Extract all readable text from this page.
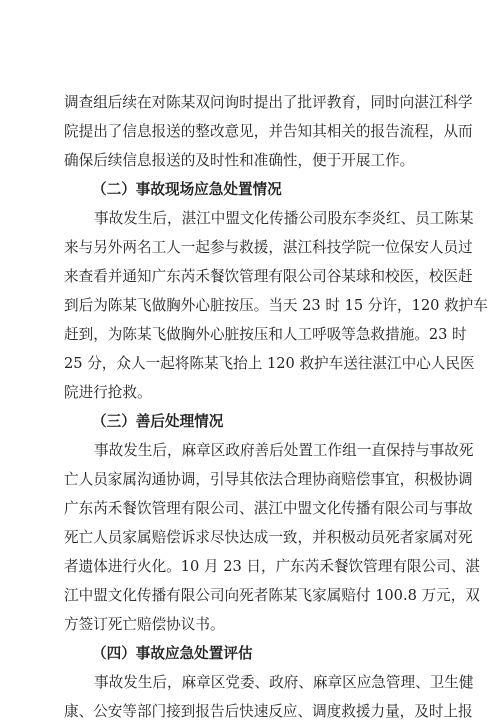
调查组后续在对陈某双问询时提出了批评教育，同时向湛江科学
院提出了信息报送的整改意见，并告知其相关的报告流程，从而
确保后续信息报送的及时性和准确性，便于开展工作。
（二）事故现场应急处置情况
事故发生后，湛江中盟文化传播公司股东李炎红、员工陈某
来与另外两名工人一起参与救援，湛江科技学院一位保安人员过
来查看并通知广东芮禾餐饮管理有限公司谷某球和校医，校医赶
到后为陈某飞做胸外心脏按压。当天 23 时 15 分许，120 救护车
赶到，为陈某飞做胸外心脏按压和人工呼吸等急救措施。23 时
25 分，众人一起将陈某飞抬上 120 救护车送往湛江中心人民医
院进行抢救。
（三）善后处理情况
事故发生后，麻章区政府善后处置工作组一直保持与事故死
亡人员家属沟通协调，引导其依法合理协商赔偿事宜，积极协调
广东芮禾餐饮管理有限公司、湛江中盟文化传播有限公司与事故
死亡人员家属赔偿诉求尽快达成一致，并积极动员死者家属对死
者遗体进行火化。10 月 23 日，广东芮禾餐饮管理有限公司、湛
江中盟文化传播有限公司向死者陈某飞家属赔付 100.8 万元，双
方签订死亡赔偿协议书。
（四）事故应急处置评估
事故发生后，麻章区党委、政府、麻章区应急管理、卫生健
康、公安等部门接到报告后快速反应、调度救援力量，及时上报
